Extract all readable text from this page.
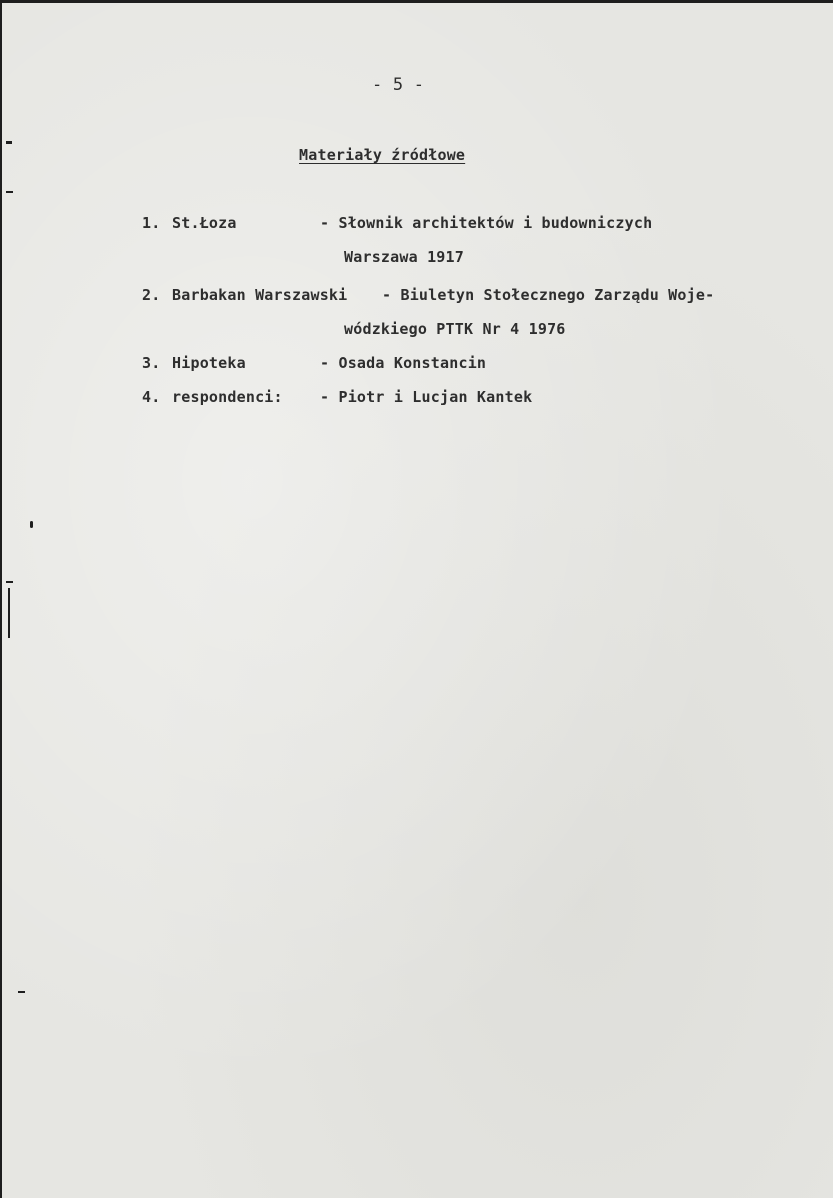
- 5 -
Materiały źródłowe
1. St.Łoza	- Słownik architektów i budowniczych
Warszawa 1917
2. Barbakan Warszawski - Biuletyn Stołecznego Zarządu Woje-
wódzkiego PTTK Nr 4 1976
3. Hipoteka	- Osada Konstancin
4. respondenci: - Piotr i Lucjan Kantek
